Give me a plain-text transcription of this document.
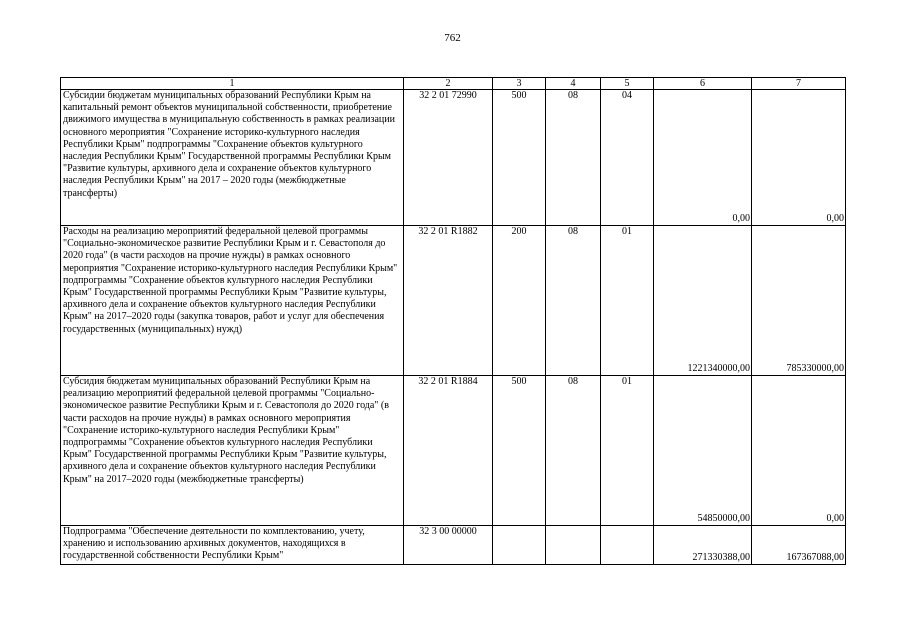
762
1	2	3	4	5	6	7
Субсидии бюджетам муниципальных образований Республики Крым на капитальный ремонт объектов муниципальной собственности, приобретение движимого имущества в муниципальную собственность в рамках реализации основного мероприятия "Сохранение историко-культурного наследия Республики Крым" подпрограммы "Сохранение объектов культурного наследия Республики Крым" Государственной программы Республики Крым "Развитие культуры, архивного дела и сохранение объектов культурного наследия Республики Крым" на 2017 – 2020 годы (межбюджетные трансферты)	32 2 01 72990	500	08	04	0,00	0,00
Расходы на реализацию мероприятий федеральной целевой программы "Социально-экономическое развитие Республики Крым и г. Севастополя до 2020 года" (в части расходов на прочие нужды) в рамках основного мероприятия "Сохранение историко-культурного наследия Республики Крым" подпрограммы "Сохранение объектов культурного наследия Республики Крым" Государственной программы Республики Крым "Развитие культуры, архивного дела и сохранение объектов культурного наследия Республики Крым" на 2017–2020 годы (закупка товаров, работ и услуг для обеспечения государственных (муниципальных) нужд)	32 2 01 R1882	200	08	01	1221340000,00	785330000,00
Субсидия бюджетам муниципальных образований Республики Крым на реализацию мероприятий федеральной целевой программы "Социально-экономическое развитие Республики Крым и г. Севастополя до 2020 года" (в части расходов на прочие нужды) в рамках основного мероприятия "Сохранение историко-культурного наследия Республики Крым" подпрограммы "Сохранение объектов культурного наследия Республики Крым" Государственной программы Республики Крым "Развитие культуры, архивного дела и сохранение объектов культурного наследия Республики Крым" на 2017–2020 годы (межбюджетные трансферты)	32 2 01 R1884	500	08	01	54850000,00	0,00
Подпрограмма "Обеспечение деятельности по комплектованию, учету, хранению и использованию архивных документов, находящихся в государственной собственности Республики Крым"	32 3 00 00000				271330388,00	167367088,00
